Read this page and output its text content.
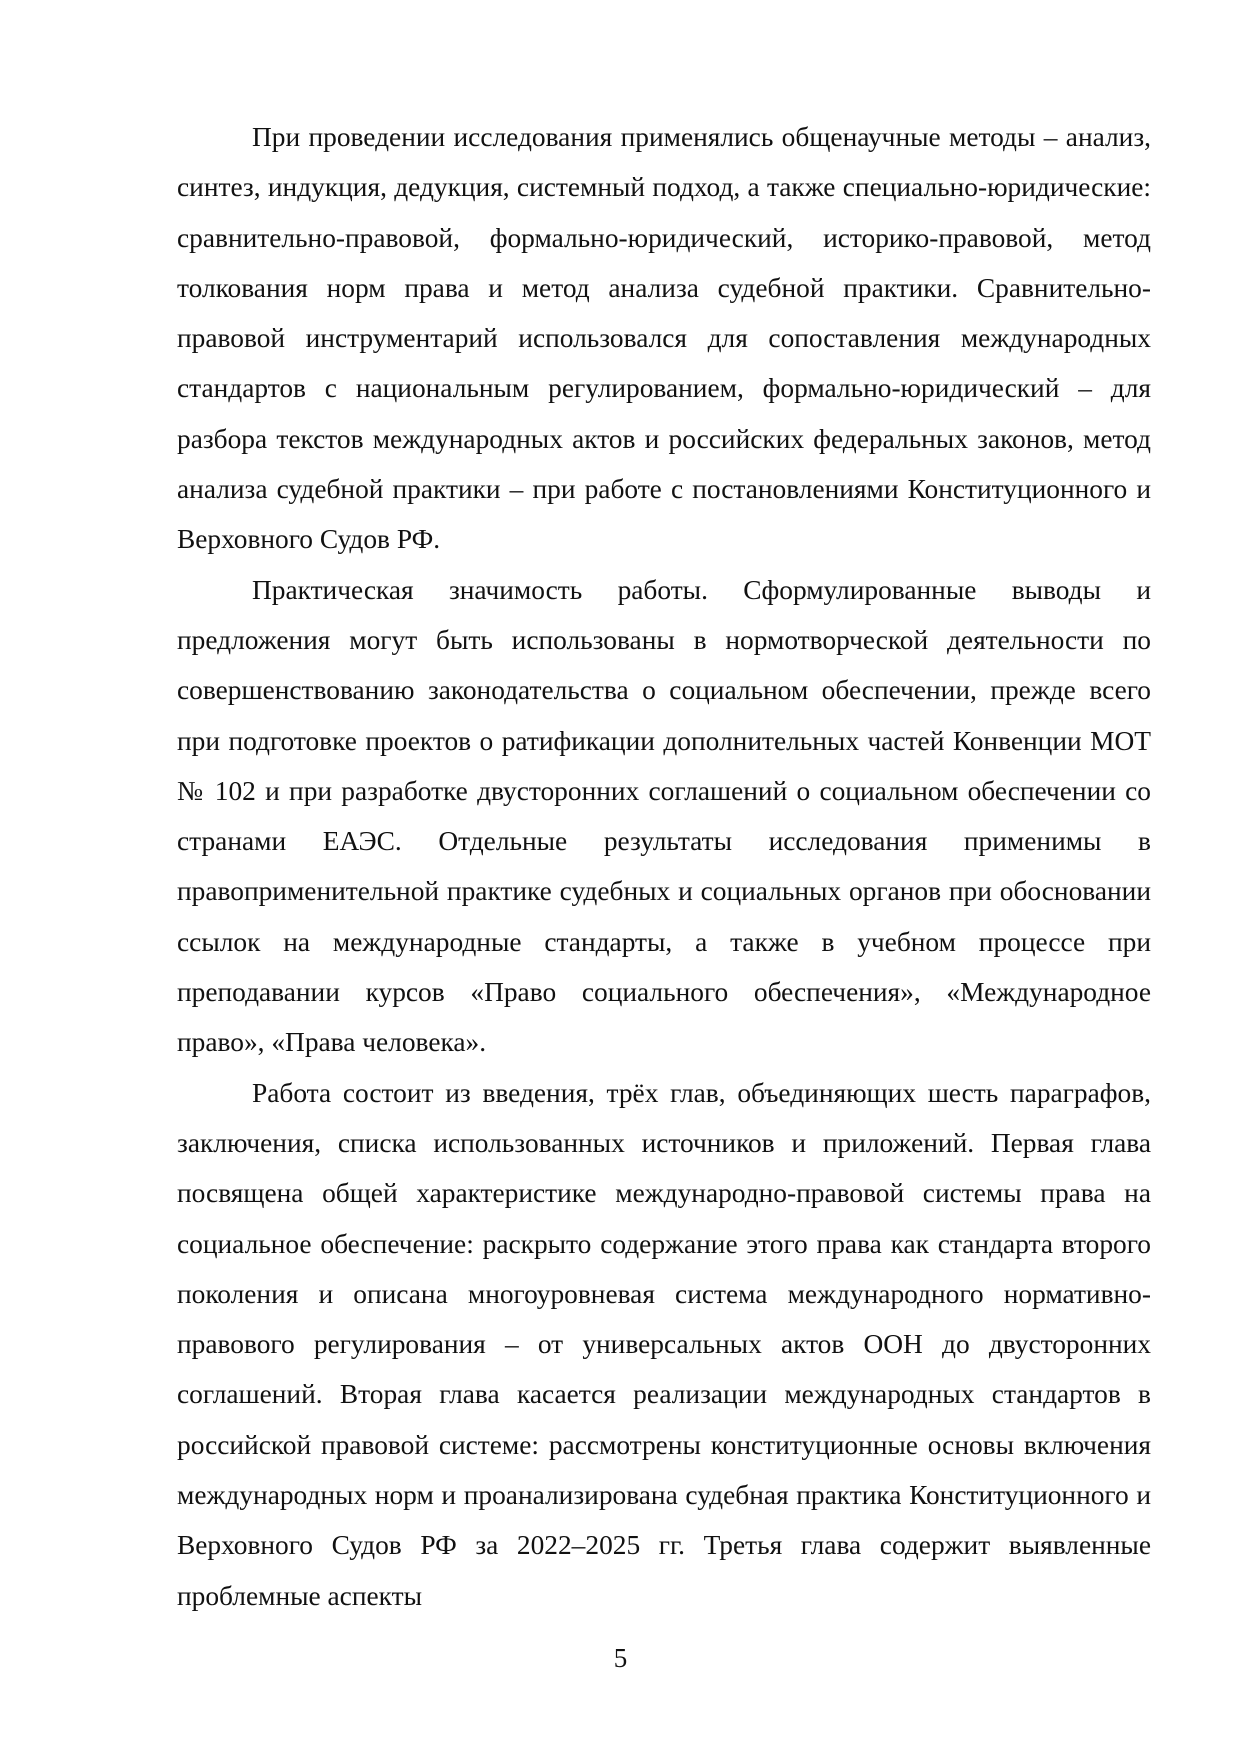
При проведении исследования применялись общенаучные методы – анализ, синтез, индукция, дедукция, системный подход, а также специально-юридические: сравнительно-правовой, формально-юридический, историко-правовой, метод толкования норм права и метод анализа судебной практики. Сравнительно-правовой инструментарий использовался для сопоставления международных стандартов с национальным регулированием, формально-юридический – для разбора текстов международных актов и российских федеральных законов, метод анализа судебной практики – при работе с постановлениями Конституционного и Верховного Судов РФ.

Практическая значимость работы. Сформулированные выводы и предложения могут быть использованы в нормотворческой деятельности по совершенствованию законодательства о социальном обеспечении, прежде всего при подготовке проектов о ратификации дополнительных частей Конвенции МОТ № 102 и при разработке двусторонних соглашений о социальном обеспечении со странами ЕАЭС. Отдельные результаты исследования применимы в правоприменительной практике судебных и социальных органов при обосновании ссылок на международные стандарты, а также в учебном процессе при преподавании курсов «Право социального обеспечения», «Международное право», «Права человека».

Работа состоит из введения, трёх глав, объединяющих шесть параграфов, заключения, списка использованных источников и приложений. Первая глава посвящена общей характеристике международно-правовой системы права на социальное обеспечение: раскрыто содержание этого права как стандарта второго поколения и описана многоуровневая система международного нормативно-правового регулирования – от универсальных актов ООН до двусторонних соглашений. Вторая глава касается реализации международных стандартов в российской правовой системе: рассмотрены конституционные основы включения международных норм и проанализирована судебная практика Конституционного и Верховного Судов РФ за 2022–2025 гг. Третья глава содержит выявленные проблемные аспекты

5
